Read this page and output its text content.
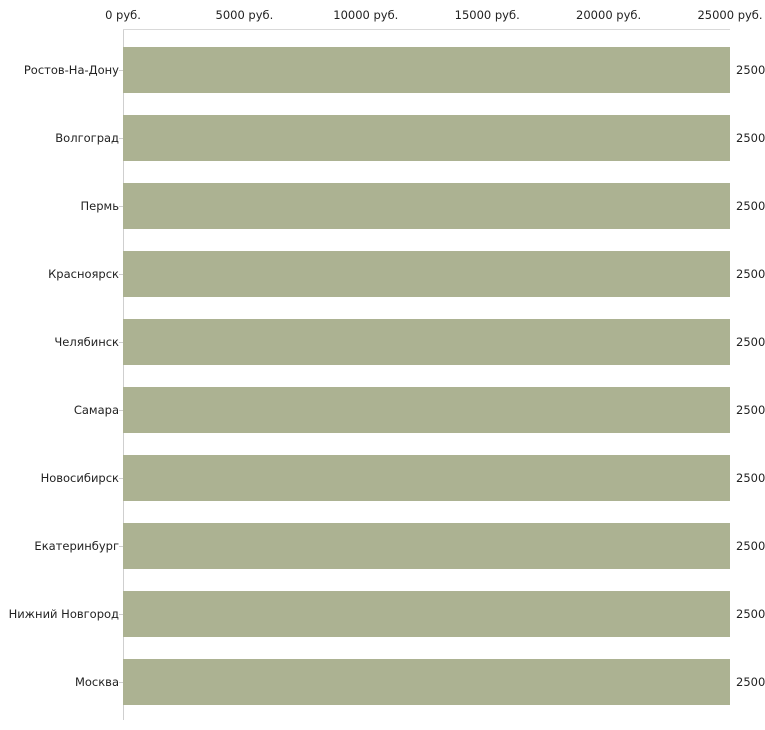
2500
2500
2500
2500
2500
2500
2500
2500
2500
2500
Ростов-На-Дону
Волгоград
Пермь
Красноярск
Челябинск
Самара
Новосибирск
Екатеринбург
Нижний Новгород
Москва
0 руб.	5000 руб.	10000 руб.	15000 руб.	20000 руб.	25000 руб.
